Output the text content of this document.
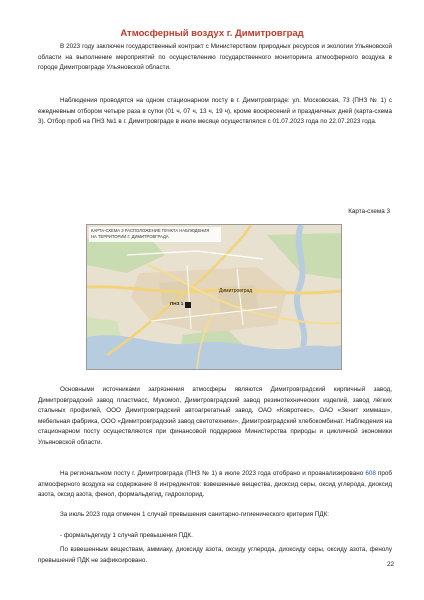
Атмосферный воздух г. Димитровград
В 2023 году заключен государственный контракт с Министерством природных ресурсов и экологии Ульяновской области на выполнение мероприятий по осуществлению государственного мониторинга атмосферного воздуха в городе Димитровграде Ульяновской области.
Наблюдения проводятся на одном стационарном посту в г. Димитровграде: ул. Московская, 73 (ПНЗ № 1) с ежедневным отбором четыре раза в сутки (01 ч, 07 ч, 13 ч, 19 ч), кроме воскресений и праздничных дней (карта-схема 3). Отбор проб на ПНЗ №1 в г. Димитровграде в июле месяце осуществлялся с 01.07.2023 года по 22.07.2023 года.
Карта-схема 3
КАРТА-СХЕМА 3 РАСПОЛОЖЕНИЕ ПУНКТА НАБЛЮДЕНИЯ
НА ТЕРРИТОРИИ Г. ДИМИТРОВГРАДА
Димитровград
ПНЗ 1
Основными источниками загрязнения атмосферы являются Димитровградский кирпичный завод, Димитровградский завод пластмасс, Мукомол, Димитровградский завод резинотехнических изделий, завод лёгких стальных профилей, ООО Димитровградский автоагрегатный завод, ОАО «Ковротекс», ОАО «Зенит химмаш», мебельная фабрика, ООО «Димитровградский завод светотехники», Димитровградский хлебокомбинат. Наблюдения на стационарном посту осуществляются при финансовой поддержке Министерства природы и цикличной экономики Ульяновской области.
На региональном посту г. Димитровграда (ПНЗ № 1) в июле 2023 года отобрано и проанализировано 608 проб атмосферного воздуха на содержание 8 ингредиентов: взвешенные вещества, диоксид серы, оксид углерода, диоксид азота, оксид азота, фенол, формальдегид, гидрохлорид.
За июль 2023 года отмечен 1 случай превышения санитарно-гигиенического критерия ПДК:
- формальдегиду 1 случай превышения ПДК.
По взвешенным веществам, аммиаку, диоксиду азота, оксиду углерода, диоксиду серы, оксиду азота, фенолу превышений ПДК не зафиксировано.
22
